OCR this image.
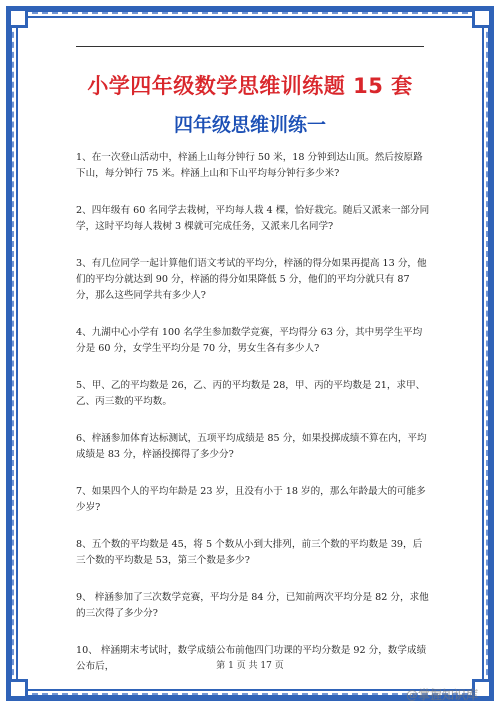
小学四年级数学思维训练题 15 套
四年级思维训练一

1、在一次登山活动中，梓涵上山每分钟行 50 米，18 分钟到达山顶。然后按原路下山，每分钟行 75 米。梓涵上山和下山平均每分钟行多少米?

2、四年级有 60 名同学去栽树，平均每人栽 4 棵，恰好栽完。随后又派来一部分同学，这时平均每人栽树 3 棵就可完成任务，又派来几名同学?

3、有几位同学一起计算他们语文考试的平均分，梓涵的得分如果再提高 13 分，他们的平均分就达到 90 分，梓涵的得分如果降低 5 分，他们的平均分就只有 87 分，那么这些同学共有多少人?

4、九湖中心小学有 100 名学生参加数学竞赛，平均得分 63 分，其中男学生平均分是 60 分，女学生平均分是 70 分，男女生各有多少人?

5、甲、乙的平均数是 26，乙、丙的平均数是 28，甲、丙的平均数是 21，求甲、乙、丙三数的平均数。

6、梓涵参加体育达标测试，五项平均成绩是 85 分，如果投掷成绩不算在内，平均成绩是 83 分，梓涵投掷得了多少分?

7、如果四个人的平均年龄是 23 岁，且没有小于 18 岁的，那么年龄最大的可能多少岁?

8、五个数的平均数是 45，将 5 个数从小到大排列，前三个数的平均数是 39，后三个数的平均数是 53，第三个数是多少?

9、 梓涵参加了三次数学竞赛，平均分是 84 分，已知前两次平均分是 82 分，求他的三次得了多少分?

10、 梓涵期末考试时，数学成绩公布前他四门功课的平均分数是 92 分，数学成绩公布后，	第 1 页 共 17 页
@掌握知识库
